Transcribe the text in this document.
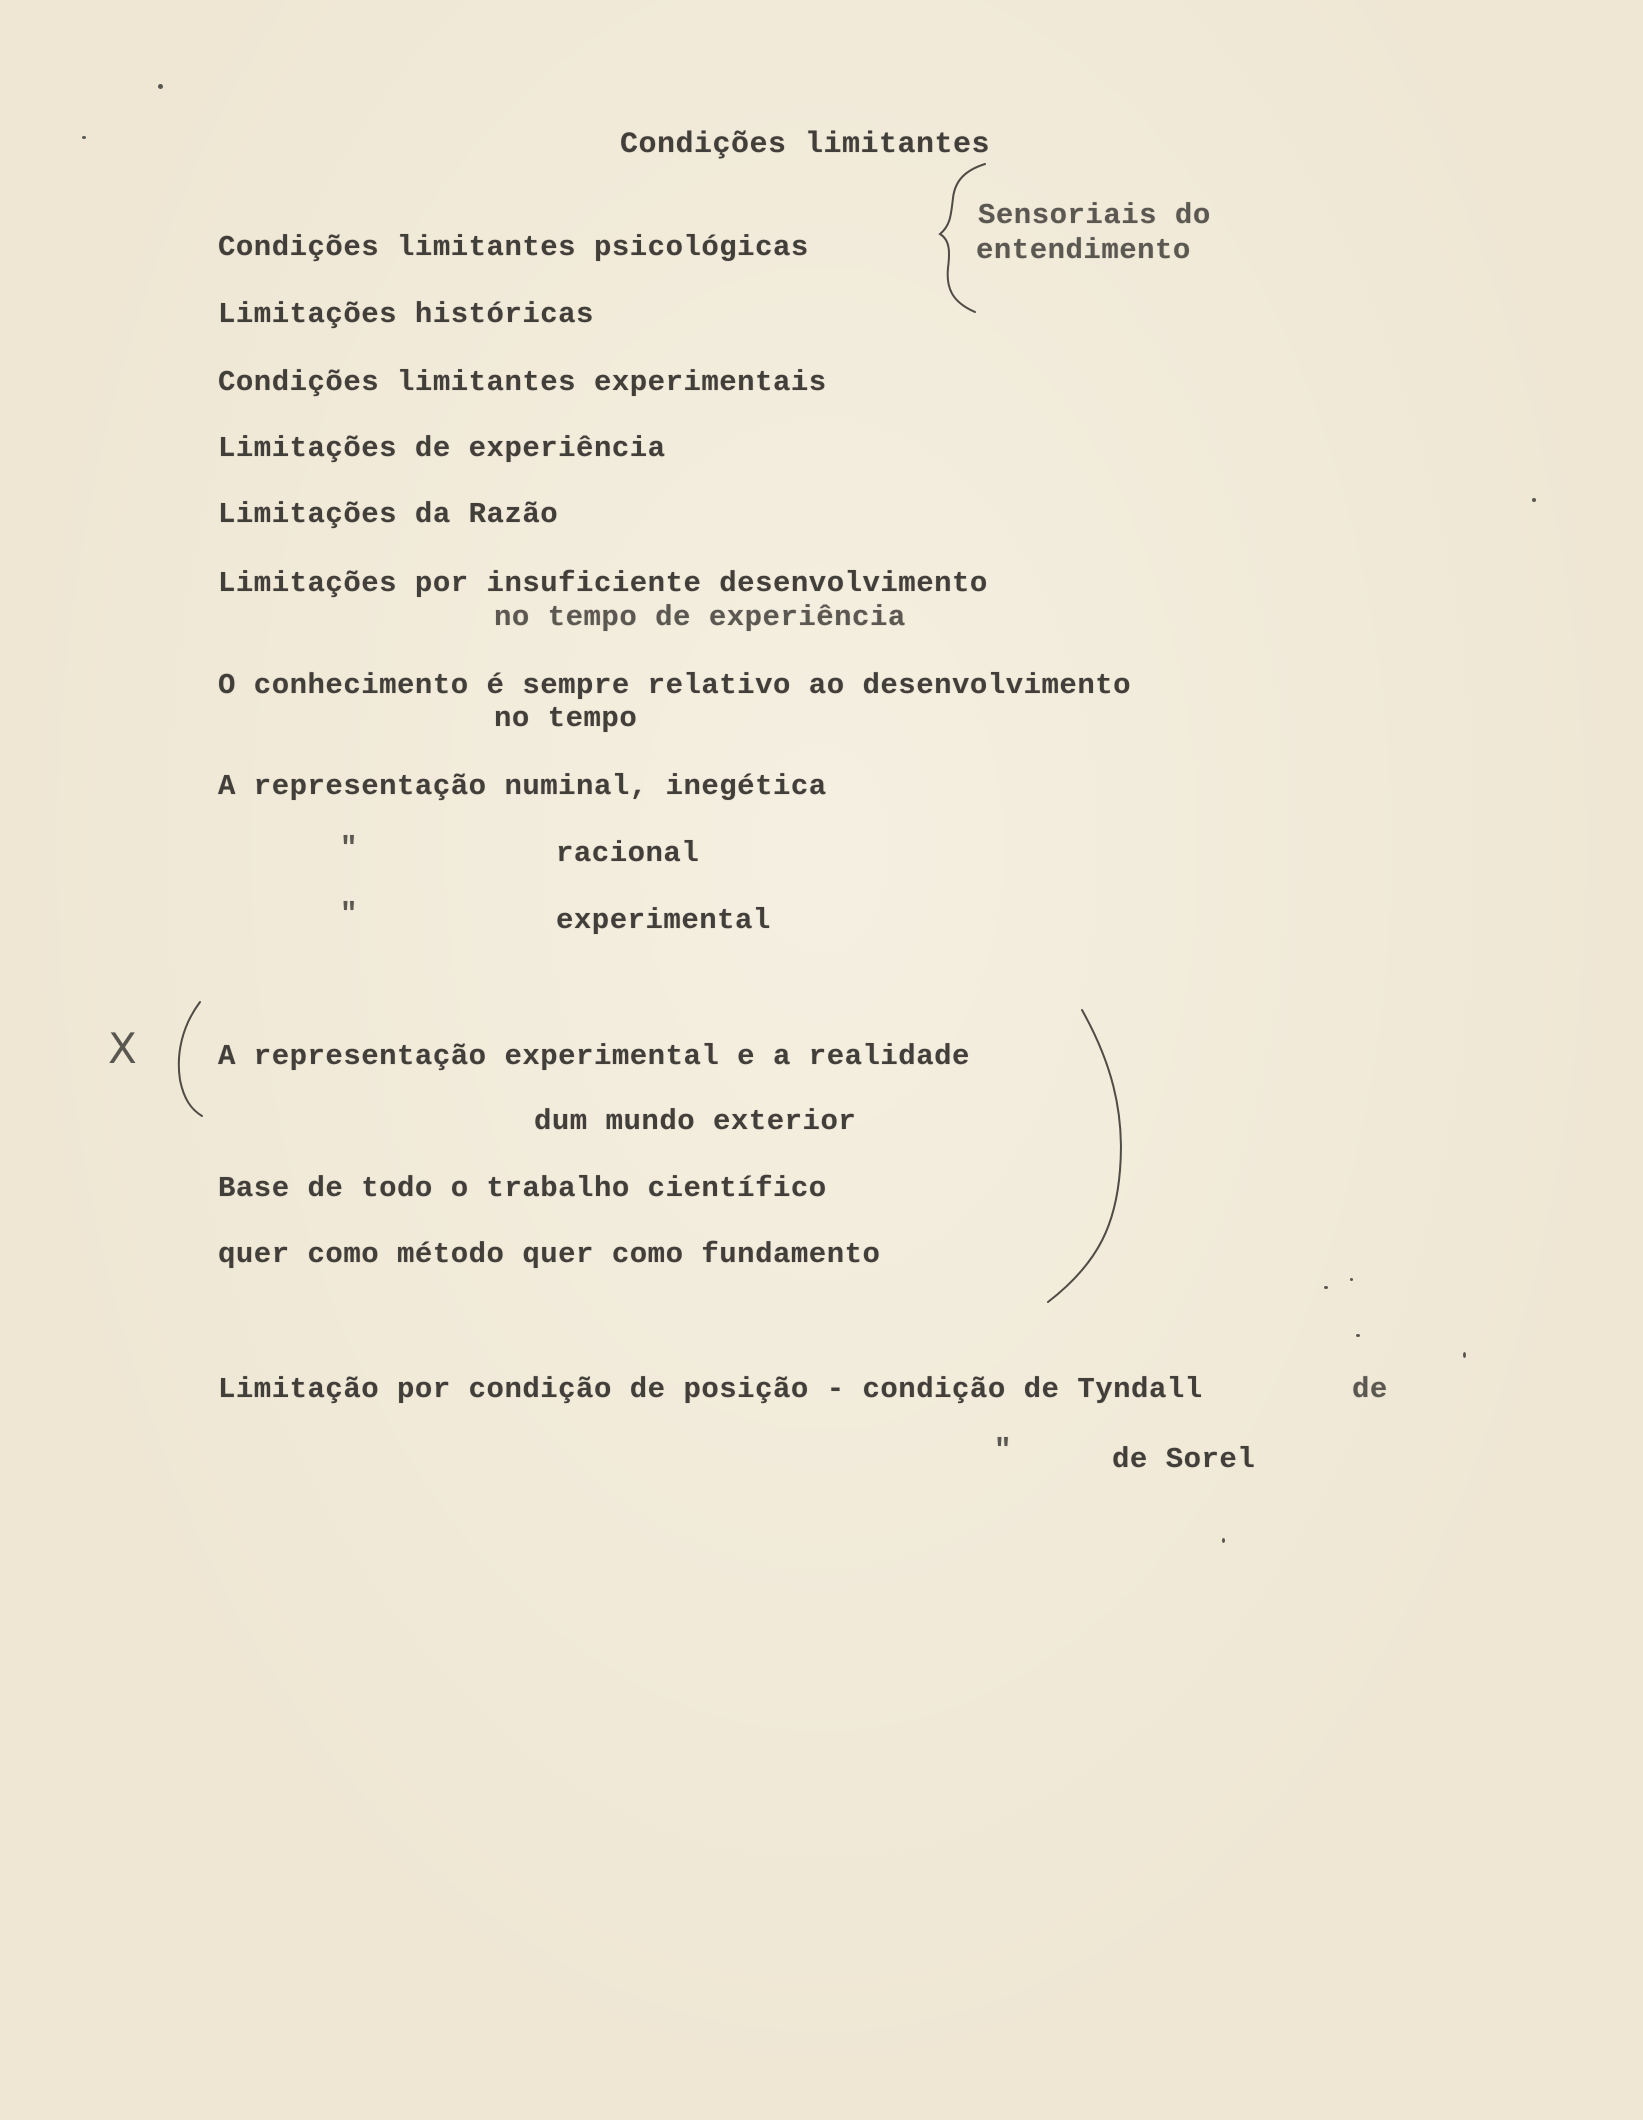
Condições limitantes
Condições limitantes psicológicas
Sensoriais do
entendimento
Limitações históricas
Condições limitantes experimentais
Limitações de experiência
Limitações da Razão
Limitações por insuficiente desenvolvimento
no tempo de experiência
O conhecimento é sempre relativo ao desenvolvimento
no tempo
A representação numinal, inegética
"	racional
"	experimental
X	A representação experimental e a realidade
dum mundo exterior
Base de todo o trabalho científico
quer como método quer como fundamento
Limitação por condição de posição - condição de Tyndall	de
"	de Sorel
